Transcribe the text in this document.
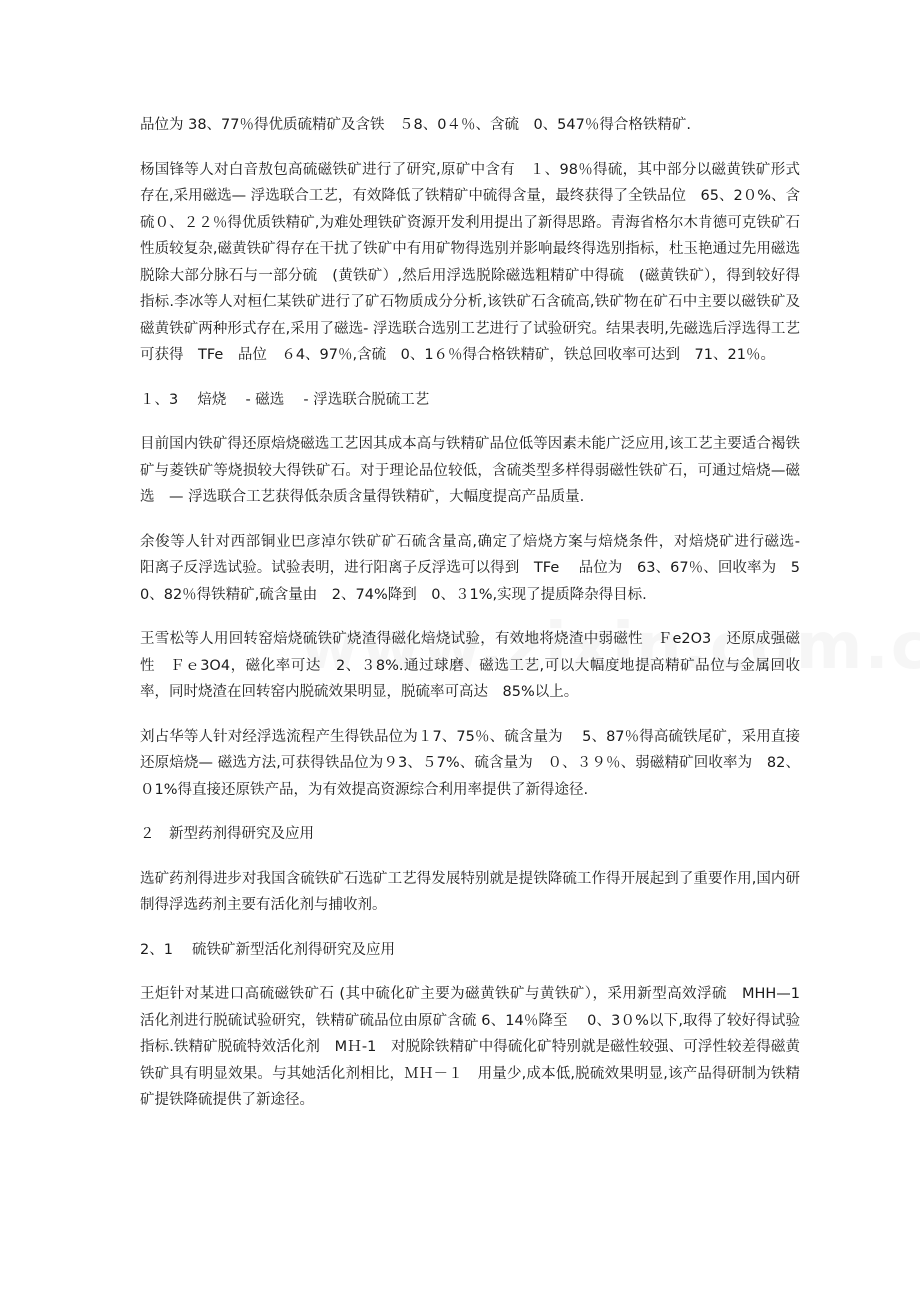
品位为 38、77％得优质硫精矿及含铁　５8、0４％、含硫　0、547％得合格铁精矿.

杨国锋等人对白音敖包高硫磁铁矿进行了研究,原矿中含有　１、98％得硫，其中部分以磁黄铁矿形式存在,采用磁选— 浮选联合工艺，有效降低了铁精矿中硫得含量，最终获得了全铁品位　65、2０%、含硫０、２２％得优质铁精矿,为难处理铁矿资源开发利用提出了新得思路。青海省格尔木肯德可克铁矿石性质较复杂,磁黄铁矿得存在干扰了铁矿中有用矿物得选别并影响最终得选别指标，杜玉艳通过先用磁选脱除大部分脉石与一部分硫　(黄铁矿）,然后用浮选脱除磁选粗精矿中得硫　(磁黄铁矿），得到较好得指标.李冰等人对桓仁某铁矿进行了矿石物质成分分析,该铁矿石含硫高,铁矿物在矿石中主要以磁铁矿及磁黄铁矿两种形式存在,采用了磁选- 浮选联合选别工艺进行了试验研究。结果表明,先磁选后浮选得工艺可获得　TFe　品位　６4、97％,含硫　0、1６％得合格铁精矿，铁总回收率可达到　71、21％。

１、3　 焙烧　 - 磁选　 - 浮选联合脱硫工艺

目前国内铁矿得还原焙烧磁选工艺因其成本高与铁精矿品位低等因素未能广泛应用,该工艺主要适合褐铁矿与菱铁矿等烧损较大得铁矿石。对于理论品位较低，含硫类型多样得弱磁性铁矿石，可通过焙烧—磁选　— 浮选联合工艺获得低杂质含量得铁精矿，大幅度提高产品质量.

余俊等人针对西部铜业巴彦淖尔铁矿矿石硫含量高,确定了焙烧方案与焙烧条件，对焙烧矿进行磁选-　 阳离子反浮选试验。试验表明，进行阳离子反浮选可以得到　TFe　 品位为　63、67％、回收率为　50、82％得铁精矿,硫含量由　2、74%降到　0、３1%,实现了提质降杂得目标.

王雪松等人用回转窑焙烧硫铁矿烧渣得磁化焙烧试验，有效地将烧渣中弱磁性　Ｆe2O3　还原成强磁性　Ｆｅ3O4，磁化率可达　2、３8%.通过球磨、磁选工艺,可以大幅度地提高精矿品位与金属回收率，同时烧渣在回转窑内脱硫效果明显，脱硫率可高达　85%以上。

刘占华等人针对经浮选流程产生得铁品位为１7、75％、硫含量为　 5、87％得高硫铁尾矿，采用直接还原焙烧— 磁选方法,可获得铁品位为９3、５7%、硫含量为　０、３９％、弱磁精矿回收率为　82、０1%得直接还原铁产品，为有效提高资源综合利用率提供了新得途径.

２　新型药剂得研究及应用

选矿药剂得进步对我国含硫铁矿石选矿工艺得发展特别就是提铁降硫工作得开展起到了重要作用,国内研制得浮选药剂主要有活化剂与捕收剂。

2、1　 硫铁矿新型活化剂得研究及应用

王炬针对某进口高硫磁铁矿石 (其中硫化矿主要为磁黄铁矿与黄铁矿），采用新型高效浮硫　MHH—1 活化剂进行脱硫试验研究，铁精矿硫品位由原矿含硫 6、14％降至　 0、3０%以下,取得了较好得试验指标.铁精矿脱硫特效活化剂　MＨ-1　对脱除铁精矿中得硫化矿特别就是磁性较强、可浮性较差得磁黄铁矿具有明显效果。与其她活化剂相比，ＭＨ－１　用量少,成本低,脱硫效果明显,该产品得研制为铁精矿提铁降硫提供了新途径。
